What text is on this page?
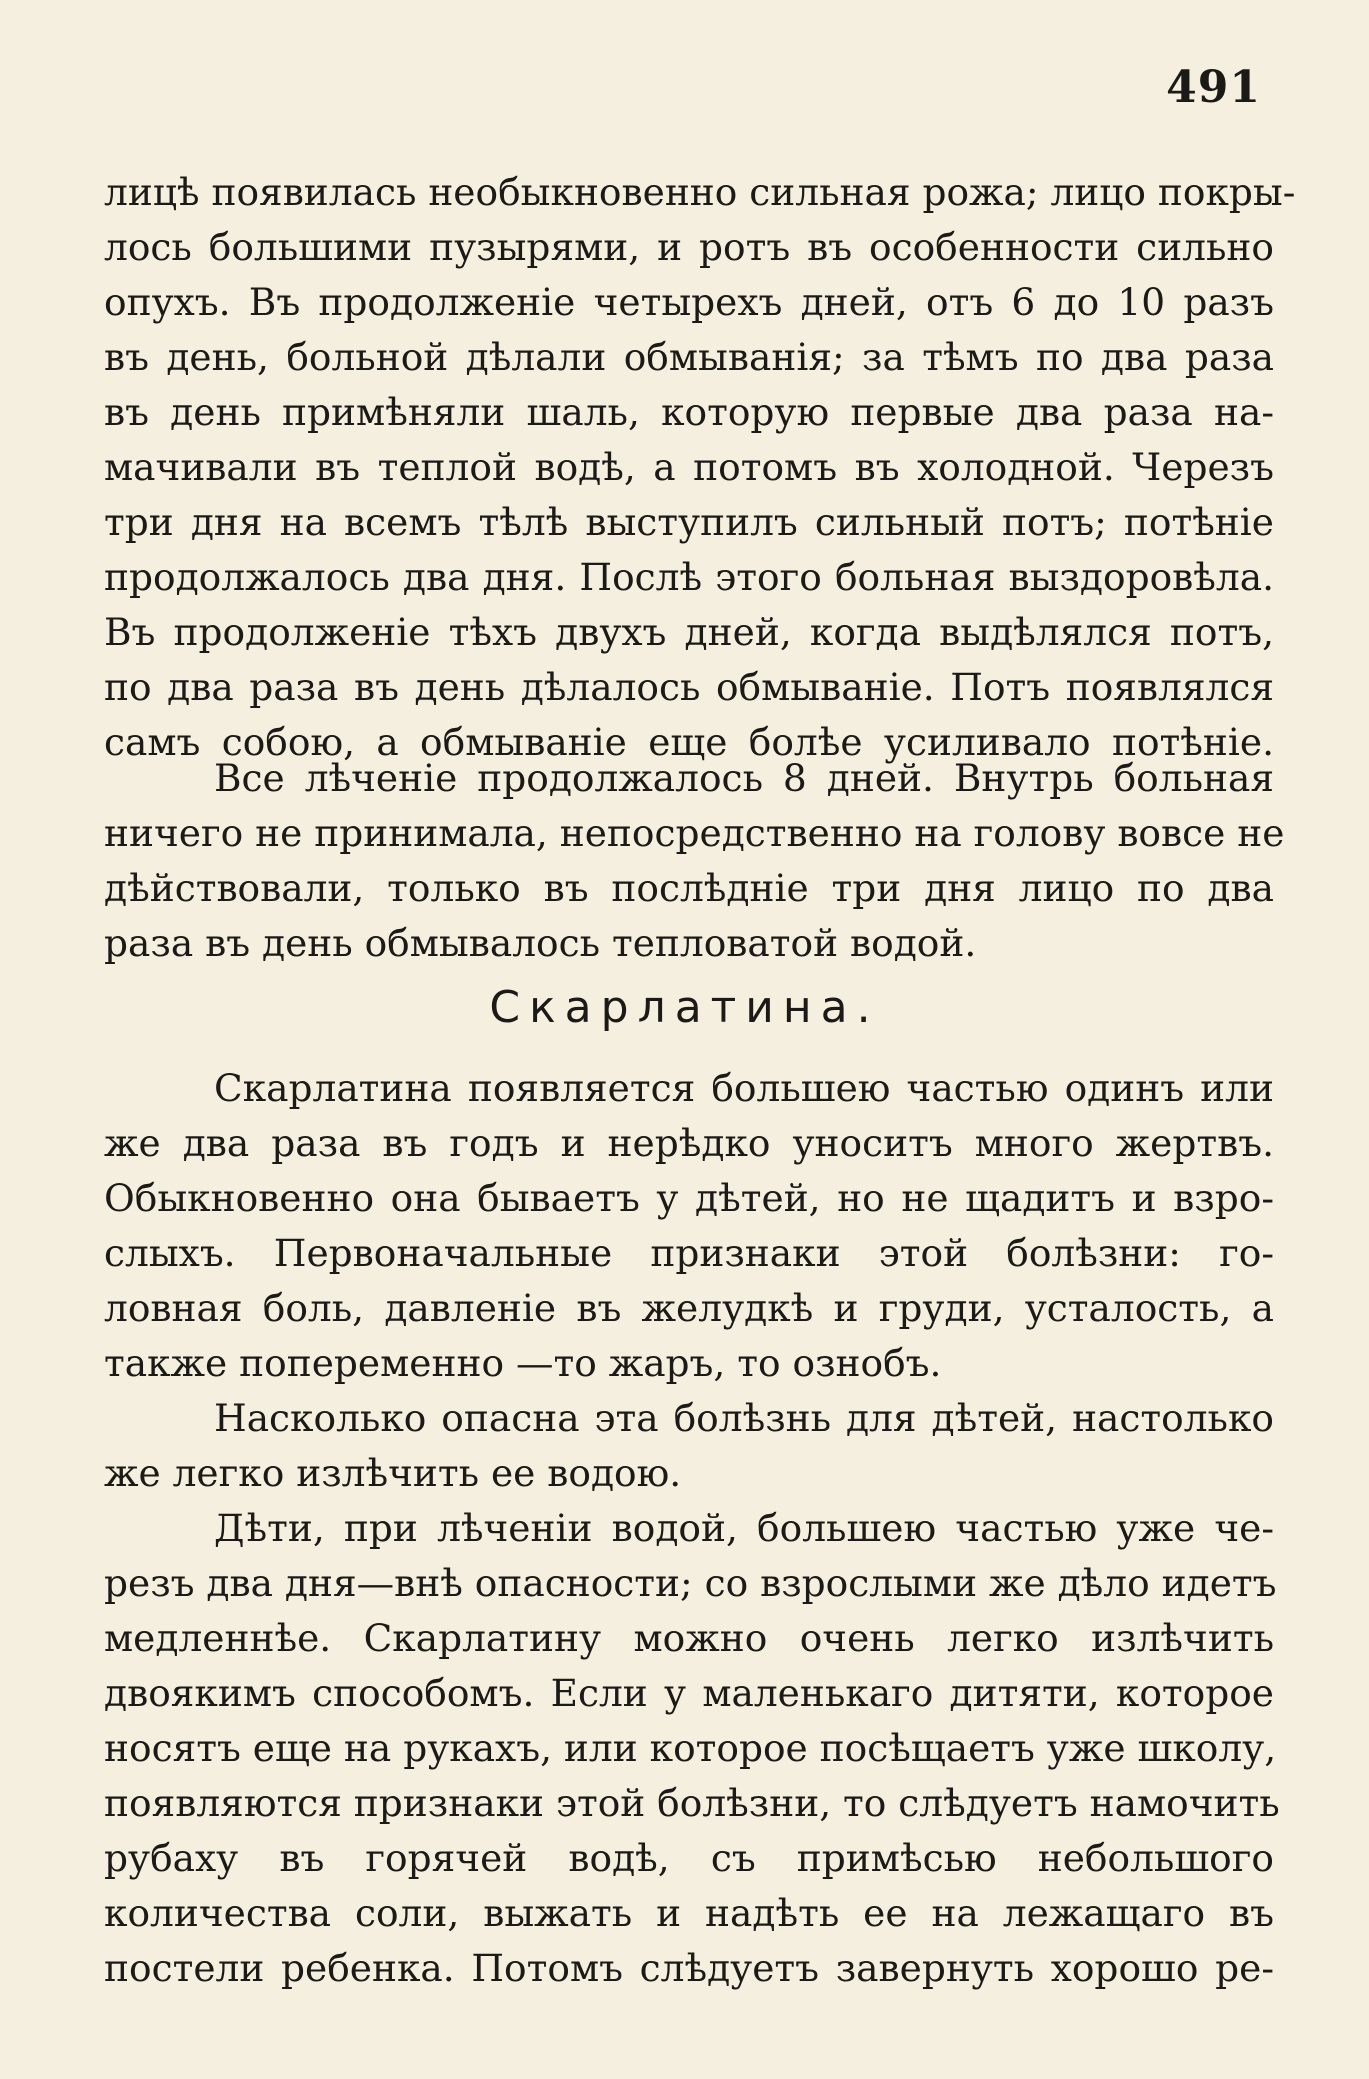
491
лицѣ появилась необыкновенно сильная рожа; лицо покры-
лось большими пузырями, и ротъ въ особенности сильно
опухъ. Въ продолженіе четырехъ дней, отъ 6 до 10 разъ
въ день, больной дѣлали обмыванія; за тѣмъ по два раза
въ день примѣняли шаль, которую первые два раза на-
мачивали въ теплой водѣ, а потомъ въ холодной. Черезъ
три дня на всемъ тѣлѣ выступилъ сильный потъ; потѣніе
продолжалось два дня. Послѣ этого больная выздоровѣла.
Въ продолженіе тѣхъ двухъ дней, когда выдѣлялся потъ,
по два раза въ день дѣлалось обмываніе. Потъ появлялся
самъ собою, а обмываніе еще болѣе усиливало потѣніе.
Все лѣченіе продолжалось 8 дней. Внутрь больная
ничего не принимала, непосредственно на голову вовсе не
дѣйствовали, только въ послѣдніе три дня лицо по два
раза въ день обмывалось тепловатой водой.
Скарлатина.
Скарлатина появляется большею частью одинъ или
же два раза въ годъ и нерѣдко уноситъ много жертвъ.
Обыкновенно она бываетъ у дѣтей, но не щадитъ и взро-
слыхъ. Первоначальные признаки этой болѣзни: го-
ловная боль, давленіе въ желудкѣ и груди, усталость, а
также попеременно —то жаръ, то ознобъ.
Насколько опасна эта болѣзнь для дѣтей, настолько
же легко излѣчить ее водою.
Дѣти, при лѣченіи водой, большею частью уже че-
резъ два дня—внѣ опасности; со взрослыми же дѣло идетъ
медленнѣе. Скарлатину можно очень легко излѣчить
двоякимъ способомъ. Если у маленькаго дитяти, которое
носятъ еще на рукахъ, или которое посѣщаетъ уже школу,
появляются признаки этой болѣзни, то слѣдуетъ намочить
рубаху въ горячей водѣ, съ примѣсью небольшого
количества соли, выжать и надѣть ее на лежащаго въ
постели ребенка. Потомъ слѣдуетъ завернуть хорошо ре-
